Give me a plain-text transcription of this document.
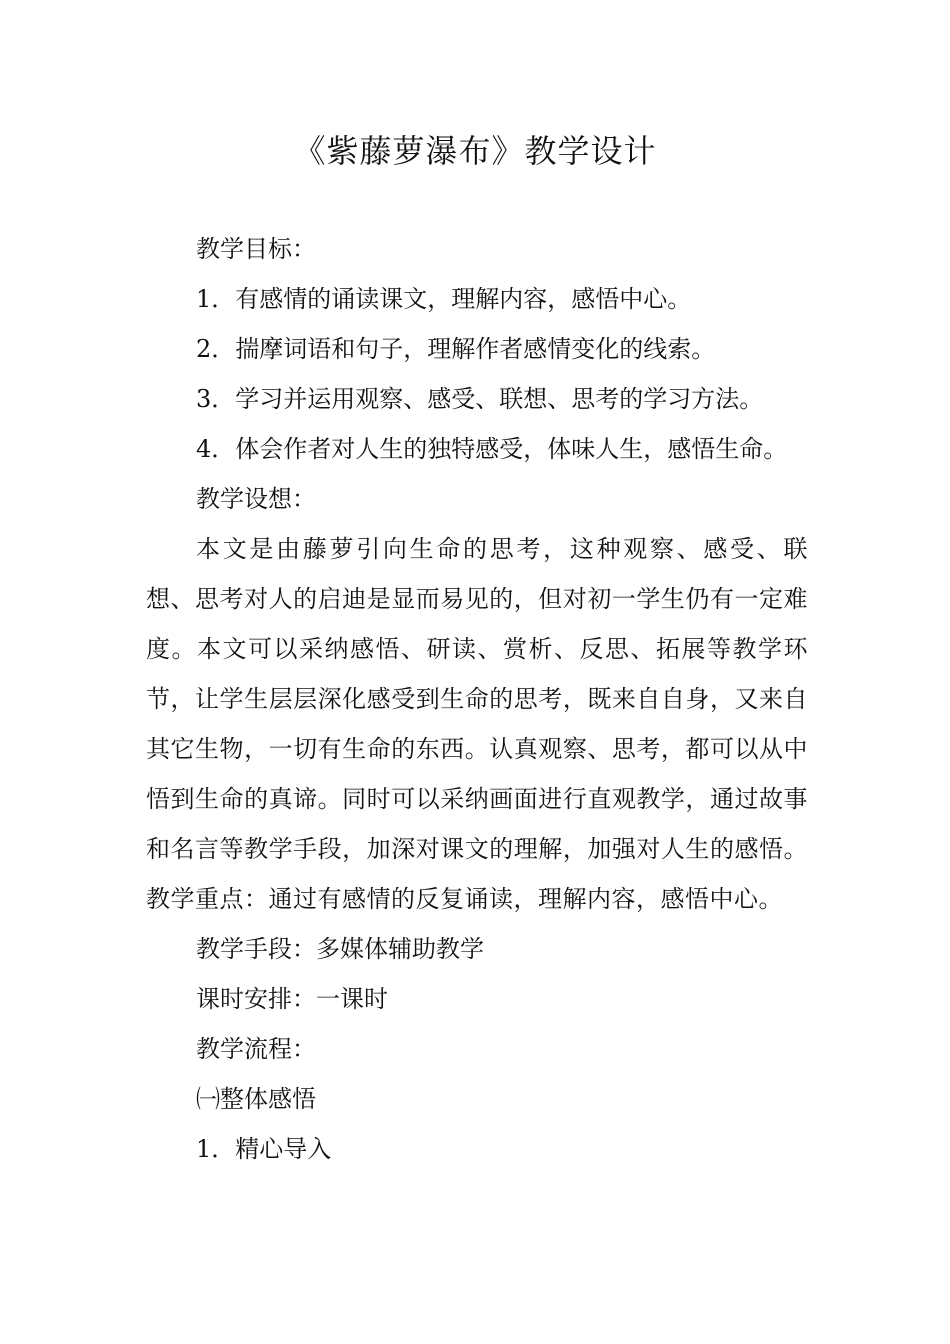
《紫藤萝瀑布》教学设计

教学目标：

1．有感情的诵读课文，理解内容，感悟中心。

2．揣摩词语和句子，理解作者感情变化的线索。

3．学习并运用观察、感受、联想、思考的学习方法。

4．体会作者对人生的独特感受，体味人生，感悟生命。

教学设想：

本文是由藤萝引向生命的思考，这种观察、感受、联想、思考对人的启迪是显而易见的，但对初一学生仍有一定难度。本文可以采纳感悟、研读、赏析、反思、拓展等教学环节，让学生层层深化感受到生命的思考，既来自自身，又来自其它生物，一切有生命的东西。认真观察、思考，都可以从中悟到生命的真谛。同时可以采纳画面进行直观教学，通过故事和名言等教学手段，加深对课文的理解，加强对人生的感悟。教学重点：通过有感情的反复诵读，理解内容，感悟中心。

教学手段：多媒体辅助教学

课时安排：一课时

教学流程：

㈠整体感悟

1．精心导入
